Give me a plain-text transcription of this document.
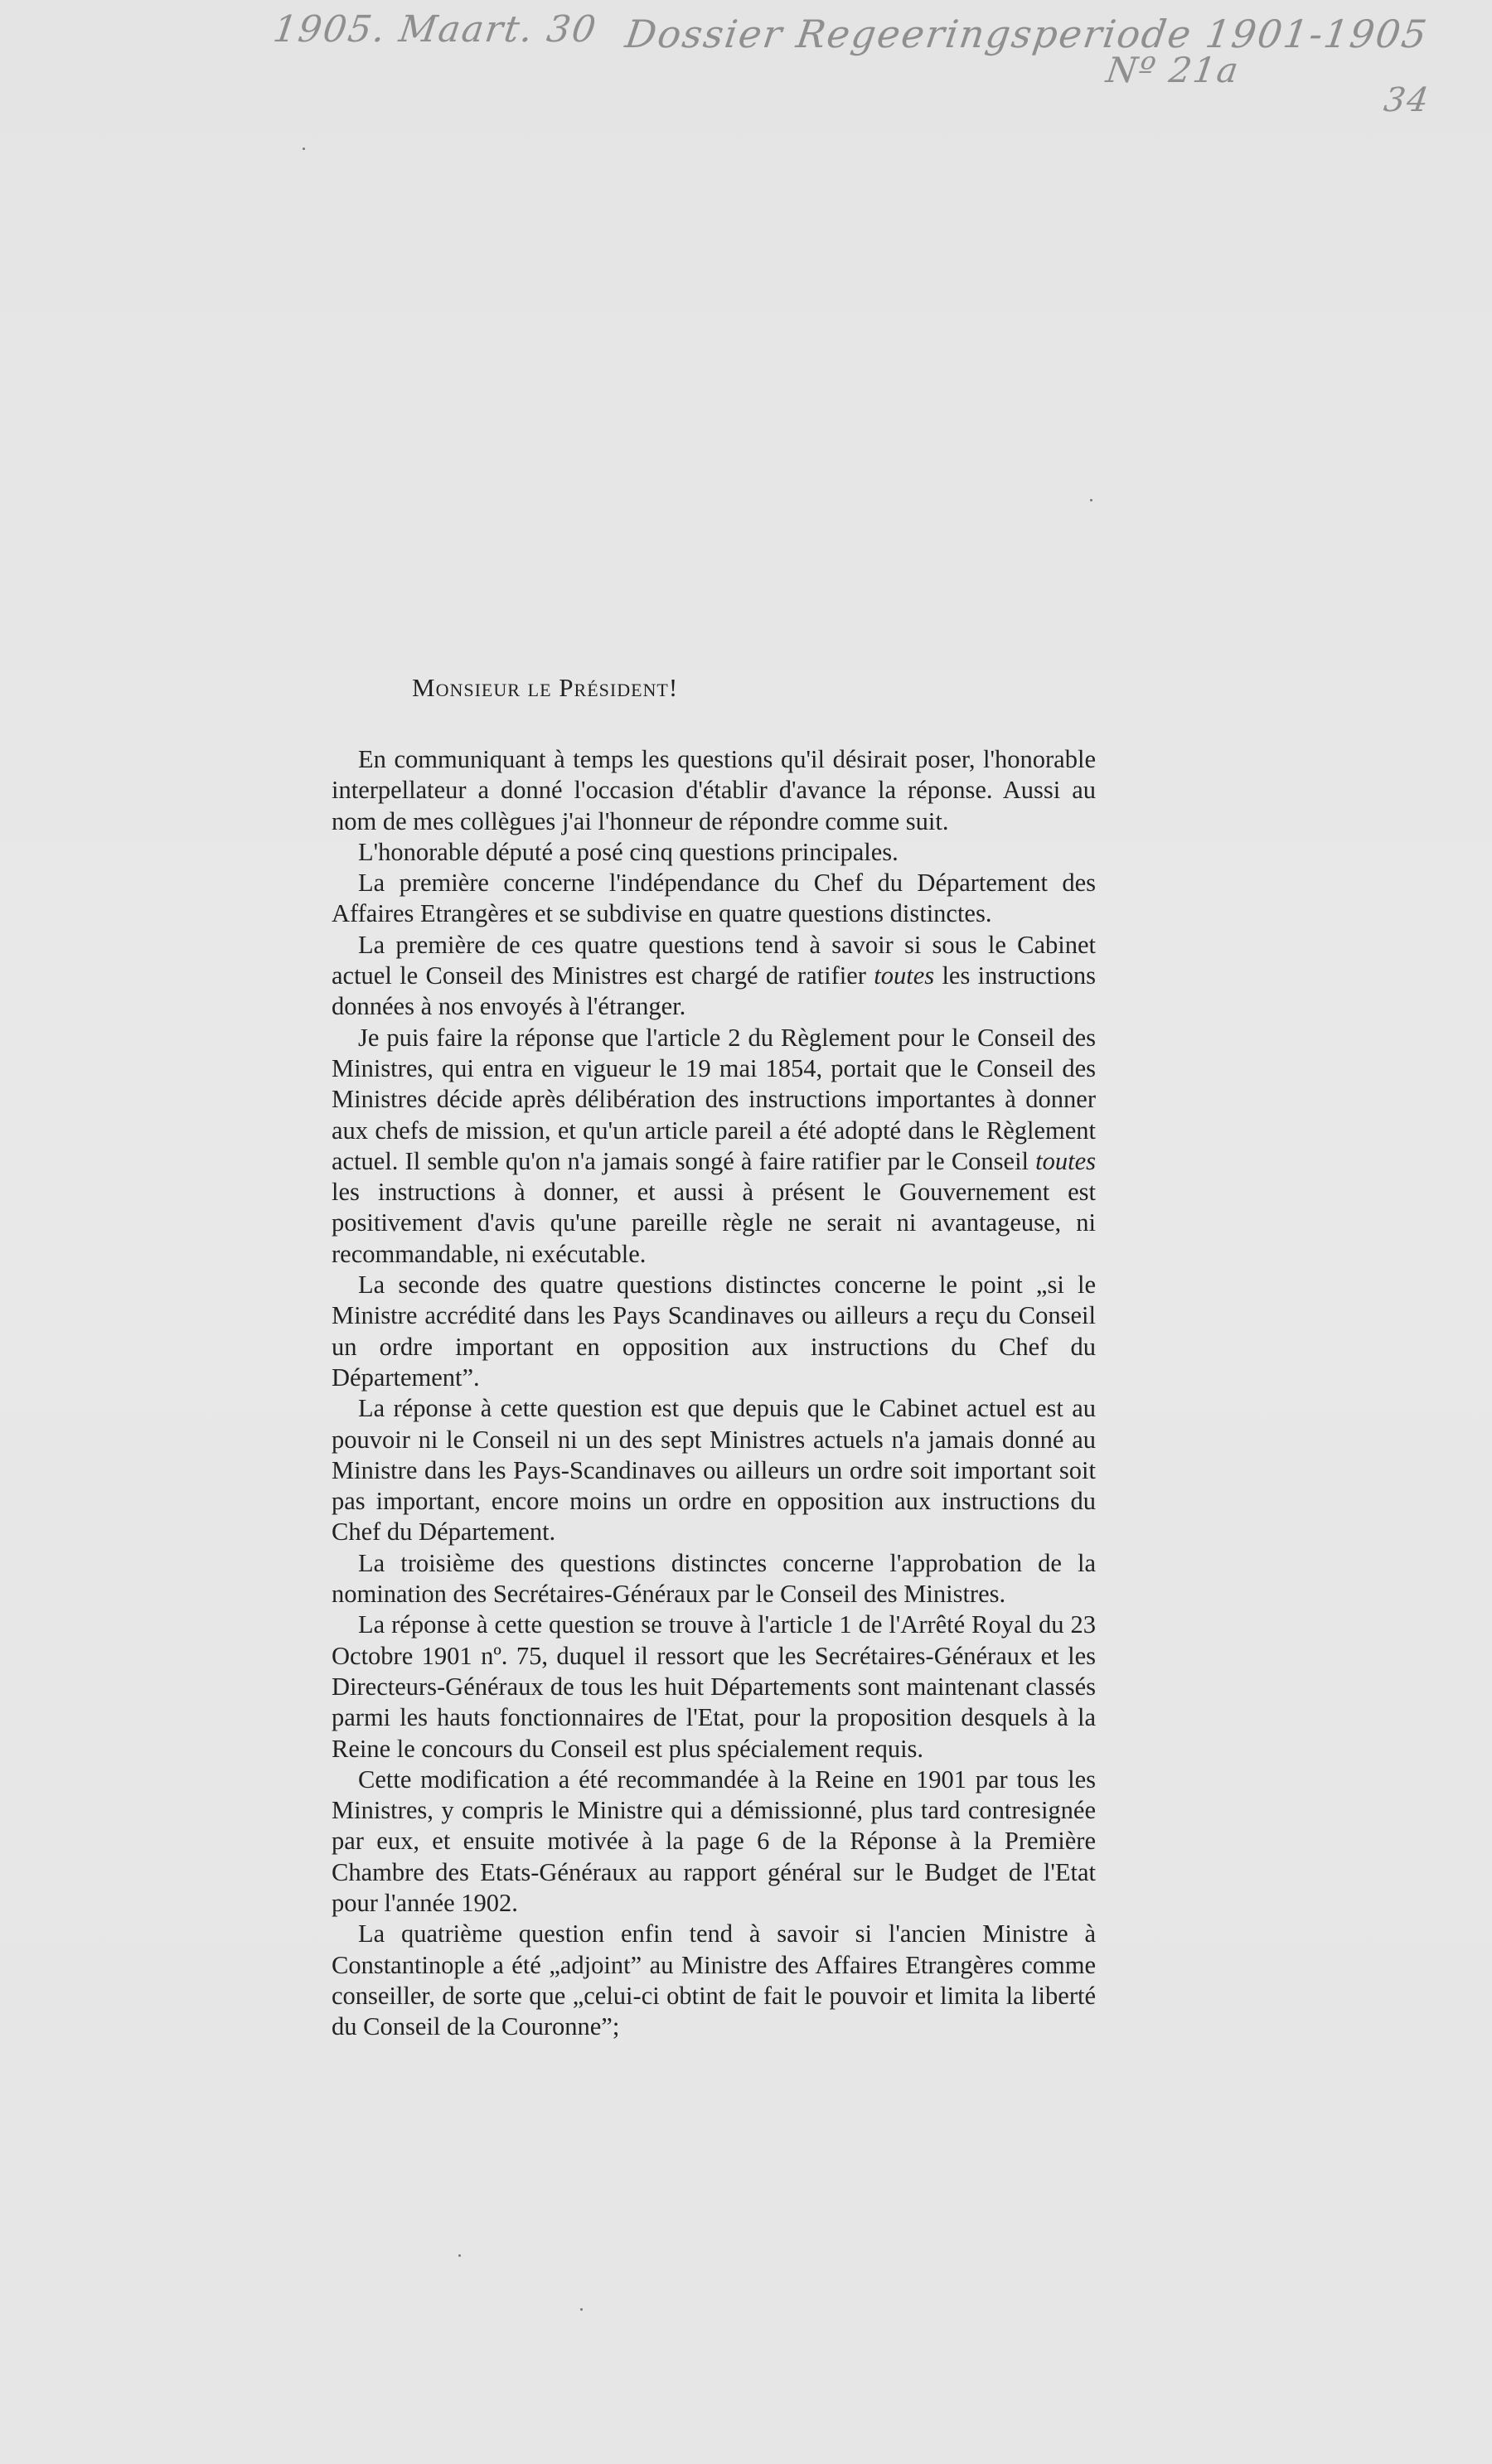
1905. Maart. 30 Dossier Regeeringsperiode 1901-1905
Nº 21a
34
Monsieur le Président!

En communiquant à temps les questions qu'il désirait poser, l'honorable interpellateur a donné l'occasion d'établir d'avance la réponse. Aussi au nom de mes collègues j'ai l'honneur de répondre comme suit.

L'honorable député a posé cinq questions principales.

La première concerne l'indépendance du Chef du Département des Affaires Etrangères et se subdivise en quatre questions distinctes.

La première de ces quatre questions tend à savoir si sous le Cabinet actuel le Conseil des Ministres est chargé de ratifier toutes les instructions données à nos envoyés à l'étranger.

Je puis faire la réponse que l'article 2 du Règlement pour le Conseil des Ministres, qui entra en vigueur le 19 mai 1854, portait que le Conseil des Ministres décide après délibération des instructions importantes à donner aux chefs de mission, et qu'un article pareil a été adopté dans le Règlement actuel. Il semble qu'on n'a jamais songé à faire ratifier par le Conseil toutes les instructions à donner, et aussi à présent le Gouvernement est positivement d'avis qu'une pareille règle ne serait ni avantageuse, ni recommandable, ni exécutable.

La seconde des quatre questions distinctes concerne le point „si le Ministre accrédité dans les Pays Scandinaves ou ailleurs a reçu du Conseil un ordre important en opposition aux instructions du Chef du Département”.

La réponse à cette question est que depuis que le Cabinet actuel est au pouvoir ni le Conseil ni un des sept Ministres actuels n'a jamais donné au Ministre dans les Pays-Scandinaves ou ailleurs un ordre soit important soit pas important, encore moins un ordre en opposition aux instructions du Chef du Département.

La troisième des questions distinctes concerne l'approbation de la nomination des Secrétaires-Généraux par le Conseil des Ministres.

La réponse à cette question se trouve à l'article 1 de l'Arrêté Royal du 23 Octobre 1901 nº. 75, duquel il ressort que les Secrétaires-Généraux et les Directeurs-Généraux de tous les huit Départements sont maintenant classés parmi les hauts fonctionnaires de l'Etat, pour la proposition desquels à la Reine le concours du Conseil est plus spécialement requis.

Cette modification a été recommandée à la Reine en 1901 par tous les Ministres, y compris le Ministre qui a démissionné, plus tard contresignée par eux, et ensuite motivée à la page 6 de la Réponse à la Première Chambre des Etats-Généraux au rapport général sur le Budget de l'Etat pour l'année 1902.

La quatrième question enfin tend à savoir si l'ancien Ministre à Constantinople a été „adjoint” au Ministre des Affaires Etrangères comme conseiller, de sorte que „celui-ci obtint de fait le pouvoir et limita la liberté du Conseil de la Couronne”;
